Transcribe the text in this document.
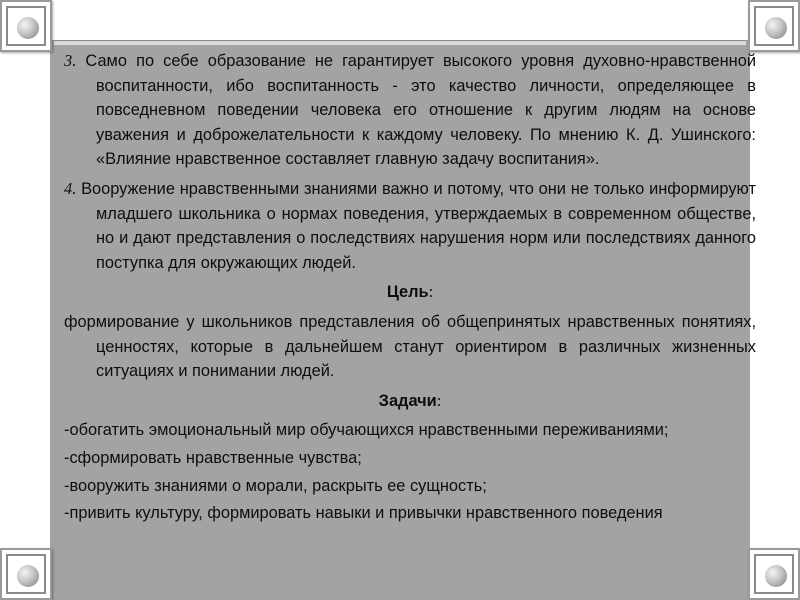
3. Само по себе образование не гарантирует высокого уровня духовно-нравственной воспитанности, ибо воспитанность - это качество личности, определяющее в повседневном поведении человека его отношение к другим людям на основе уважения и доброжелательности к каждому человеку. По мнению К. Д. Ушинского: «Влияние нравственное составляет главную задачу воспитания».

4. Вооружение нравственными знаниями важно и потому, что они не только информируют младшего школьника о нормах поведения, утверждаемых в современном обществе, но и дают представления о последствиях нарушения норм или последствиях данного поступка для окружающих людей.

Цель:

формирование у школьников представления об общепринятых нравственных понятиях, ценностях, которые в дальнейшем станут ориентиром в различных жизненных ситуациях и понимании людей.

Задачи:

-обогатить эмоциональный мир обучающихся нравственными переживаниями;

-сформировать нравственные чувства;

-вооружить знаниями о морали, раскрыть ее сущность;

-привить культуру, формировать навыки и привычки нравственного поведения
